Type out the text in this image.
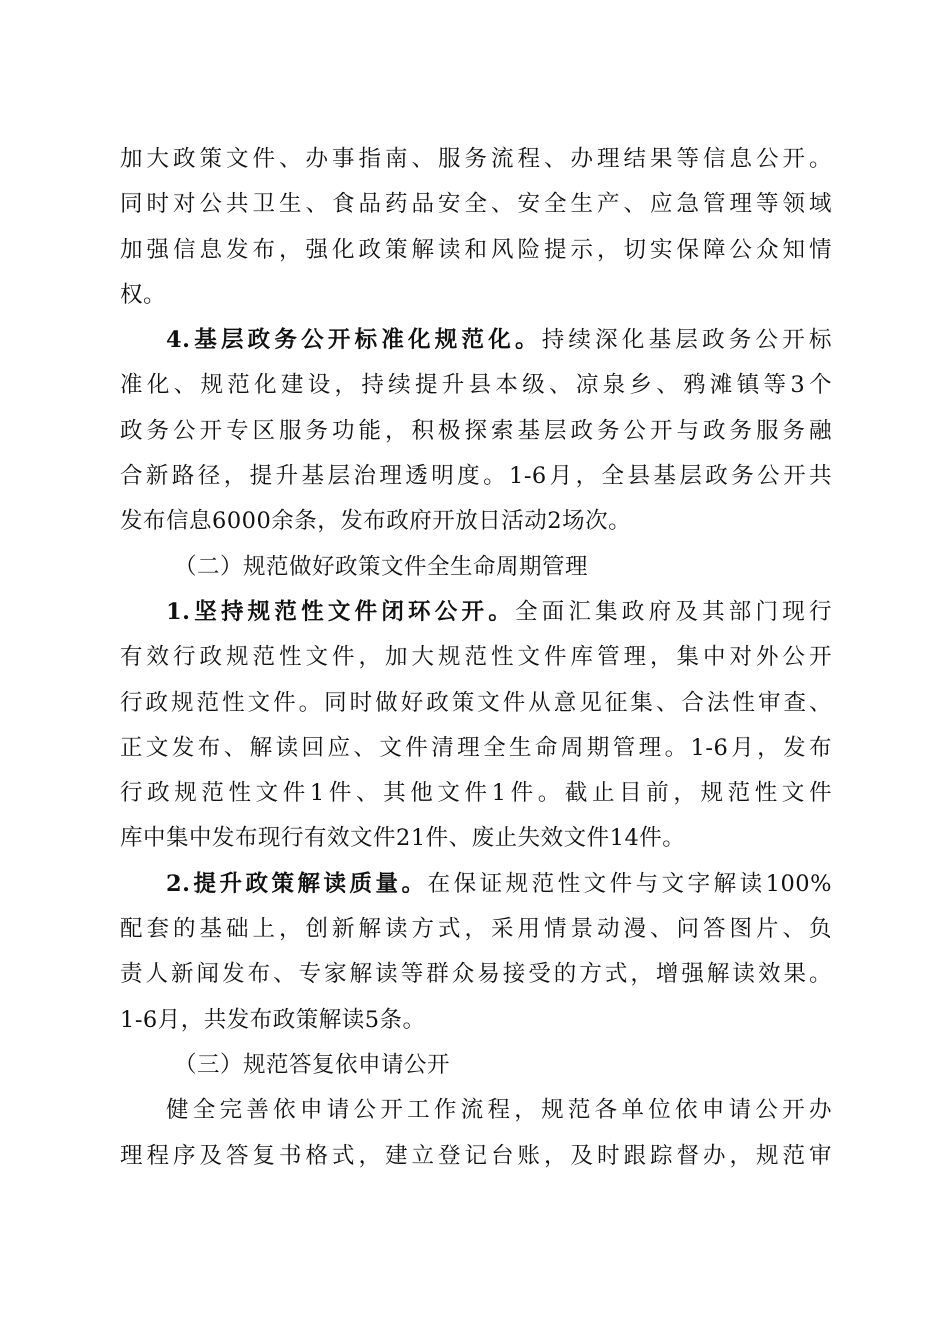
加大政策文件、办事指南、服务流程、办理结果等信息公开。
同时对公共卫生、食品药品安全、安全生产、应急管理等领域
加强信息发布，强化政策解读和风险提示，切实保障公众知情
权。
4.基层政务公开标准化规范化。持续深化基层政务公开标
准化、规范化建设，持续提升县本级、凉泉乡、鸦滩镇等3个
政务公开专区服务功能，积极探索基层政务公开与政务服务融
合新路径，提升基层治理透明度。1-6月，全县基层政务公开共
发布信息6000余条，发布政府开放日活动2场次。
（二）规范做好政策文件全生命周期管理
1.坚持规范性文件闭环公开。全面汇集政府及其部门现行
有效行政规范性文件，加大规范性文件库管理，集中对外公开
行政规范性文件。同时做好政策文件从意见征集、合法性审查、
正文发布、解读回应、文件清理全生命周期管理。1-6月，发布
行政规范性文件1件、其他文件1件。截止目前，规范性文件
库中集中发布现行有效文件21件、废止失效文件14件。
2.提升政策解读质量。在保证规范性文件与文字解读100%
配套的基础上，创新解读方式，采用情景动漫、问答图片、负
责人新闻发布、专家解读等群众易接受的方式，增强解读效果。
1-6月，共发布政策解读5条。
（三）规范答复依申请公开
健全完善依申请公开工作流程，规范各单位依申请公开办
理程序及答复书格式，建立登记台账，及时跟踪督办，规范审
